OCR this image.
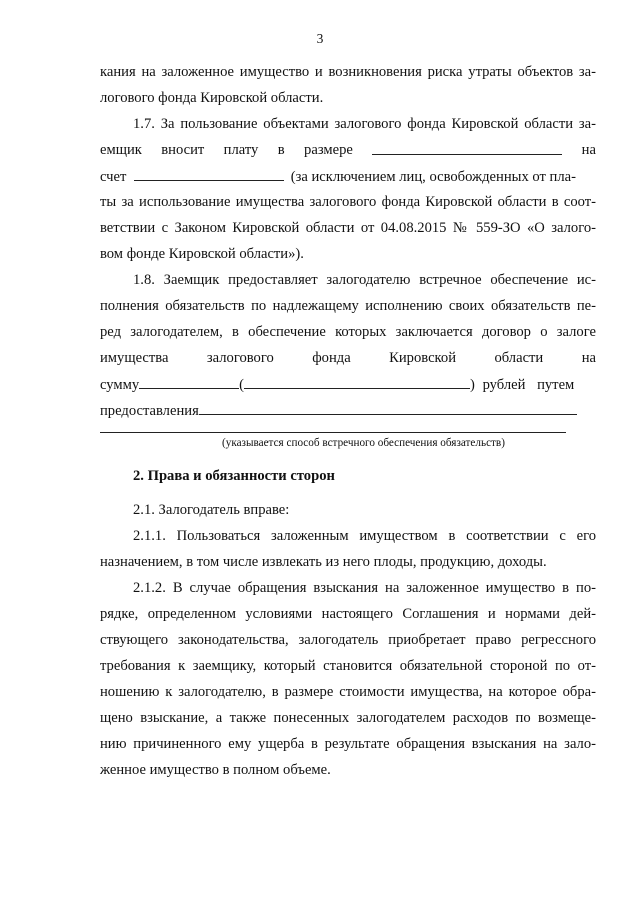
3
кания на заложенное имущество и возникновения риска утраты объектов за-
логового фонда Кировской области.
1.7. За пользование объектами залогового фонда Кировской области за-
емщик вносит плату в размере	на
счет	(за исключением лиц, освобожденных от пла-
ты за использование имущества залогового фонда Кировской области в соот-
ветствии с Законом Кировской области от 04.08.2015 № 559-ЗО «О залого-
вом фонде Кировской области»).
1.8. Заемщик предоставляет залогодателю встречное обеспечение ис-
полнения обязательств по надлежащему исполнению своих обязательств пе-
ред залогодателем, в обеспечение которых заключается договор о залоге
имущества	залогового	фонда	Кировской	области	на
сумму	(	) рублей путем
предоставления
(указывается способ встречного обеспечения обязательств)
2. Права и обязанности сторон
2.1. Залогодатель вправе:
2.1.1. Пользоваться заложенным имуществом в соответствии с его
назначением, в том числе извлекать из него плоды, продукцию, доходы.
2.1.2. В случае обращения взыскания на заложенное имущество в по-
рядке, определенном условиями настоящего Соглашения и нормами дей-
ствующего законодательства, залогодатель приобретает право регрессного
требования к заемщику, который становится обязательной стороной по от-
ношению к залогодателю, в размере стоимости имущества, на которое обра-
щено взыскание, а также понесенных залогодателем расходов по возмеще-
нию причиненного ему ущерба в результате обращения взыскания на зало-
женное имущество в полном объеме.
